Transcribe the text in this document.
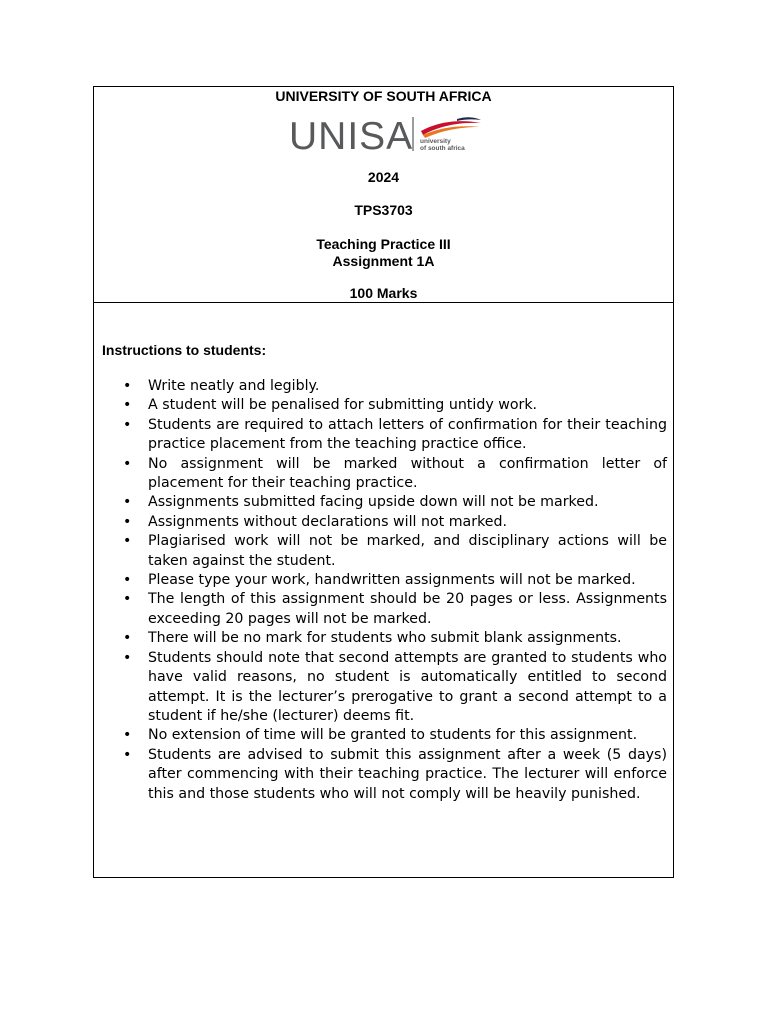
UNIVERSITY OF SOUTH AFRICA
UNISA university
of south africa
2024
TPS3703
Teaching Practice III
Assignment 1A
100 Marks
Instructions to students:
• Write neatly and legibly.
• A student will be penalised for submitting untidy work.
• Students are required to attach letters of confirmation for their teaching practice placement from the teaching practice office.
• No assignment will be marked without a confirmation letter of placement for their teaching practice.
• Assignments submitted facing upside down will not be marked.
• Assignments without declarations will not marked.
• Plagiarised work will not be marked, and disciplinary actions will be taken against the student.
• Please type your work, handwritten assignments will not be marked.
• The length of this assignment should be 20 pages or less. Assignments exceeding 20 pages will not be marked.
• There will be no mark for students who submit blank assignments.
• Students should note that second attempts are granted to students who have valid reasons, no student is automatically entitled to second attempt. It is the lecturer’s prerogative to grant a second attempt to a student if he/she (lecturer) deems fit.
• No extension of time will be granted to students for this assignment.
• Students are advised to submit this assignment after a week (5 days) after commencing with their teaching practice. The lecturer will enforce this and those students who will not comply will be heavily punished.
